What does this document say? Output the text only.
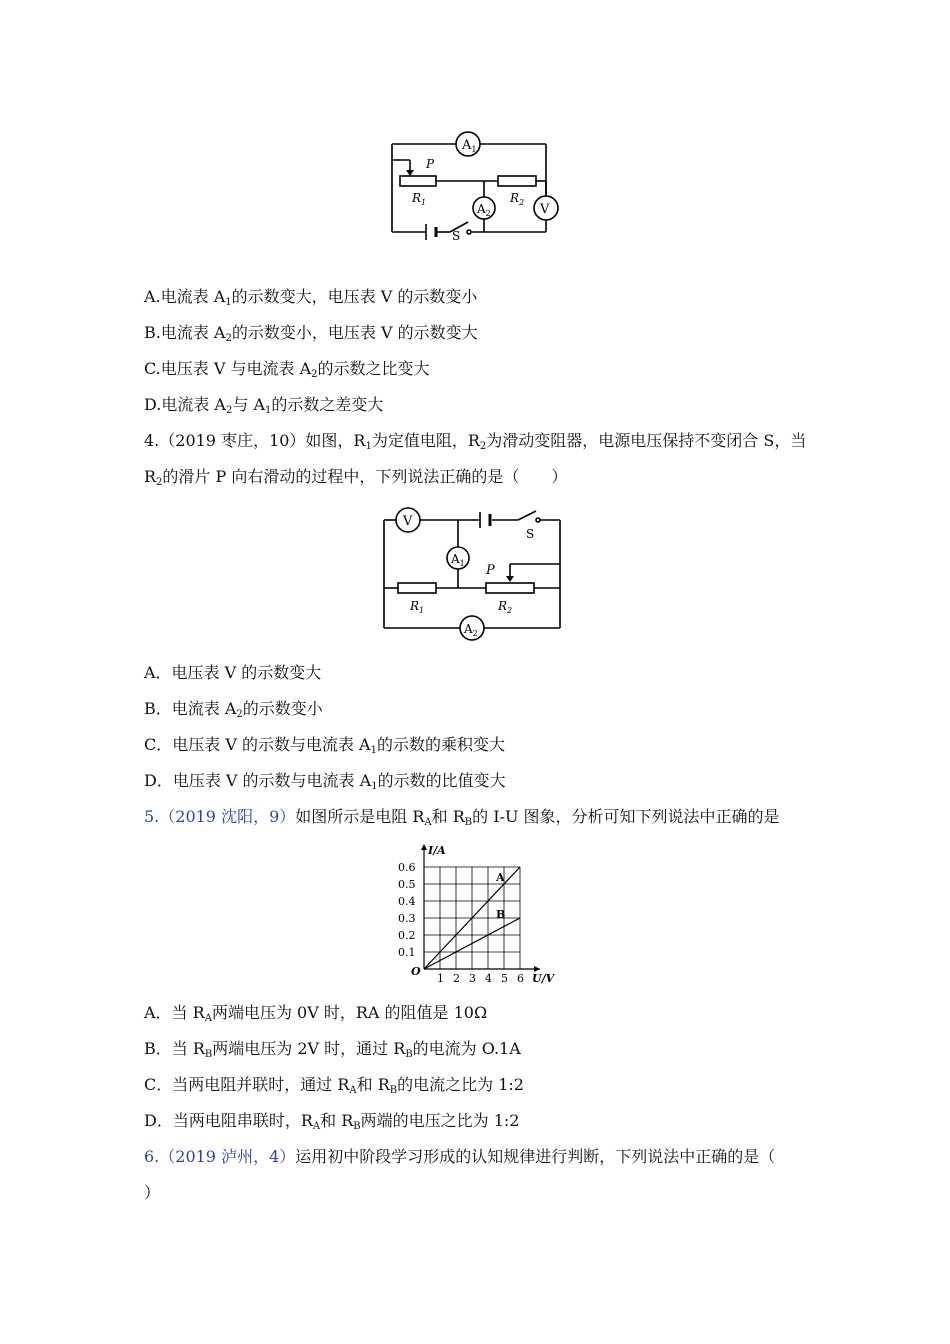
$A_1$
P
$R_1$	$A_2$
$R_2$ V
S
A.电流表 $A_1$的示数变大，电压表 V 的示数变小
B.电流表 $A_2$的示数变小，电压表 V 的示数变大
C.电压表 V 与电流表 $A_2$的示数之比变大
D.电流表 $A_2$与 $A_1$的示数之差变大
4.（2019 枣庄，10）如图，$R_1$为定值电阻，$R_2$为滑动变阻器，电源电压保持不变闭合 S，当
$R_2$的滑片 P 向右滑动的过程中，下列说法正确的是（　　）
V
S
$A_1$ P
$R_1$	$R_2$
$A_2$
A．电压表 V 的示数变大
B．电流表 $A_2$的示数变小
C．电压表 V 的示数与电流表 $A_1$的示数的乘积变大
D．电压表 V 的示数与电流表 $A_1$的示数的比值变大
5.（2019 沈阳，9）如图所示是电阻 $R_A$和 $R_B$的 I-U 图象，分析可知下列说法中正确的是
A
B
1 2 3 4 5 6
0.1
0.2
0.3
0.4
0.5
0.6
O
U/V
I/A
A．当 $R_A$两端电压为 0V 时，RA 的阻值是 10Ω
B．当 $R_B$两端电压为 2V 时，通过 $R_B$的电流为 O.1A
C．当两电阻并联时，通过 $R_A$和 $R_B$的电流之比为 1:2
D．当两电阻串联时，$R_A$和 $R_B$两端的电压之比为 1:2
6.（2019 泸州，4）运用初中阶段学习形成的认知规律进行判断，下列说法中正确的是（
）
